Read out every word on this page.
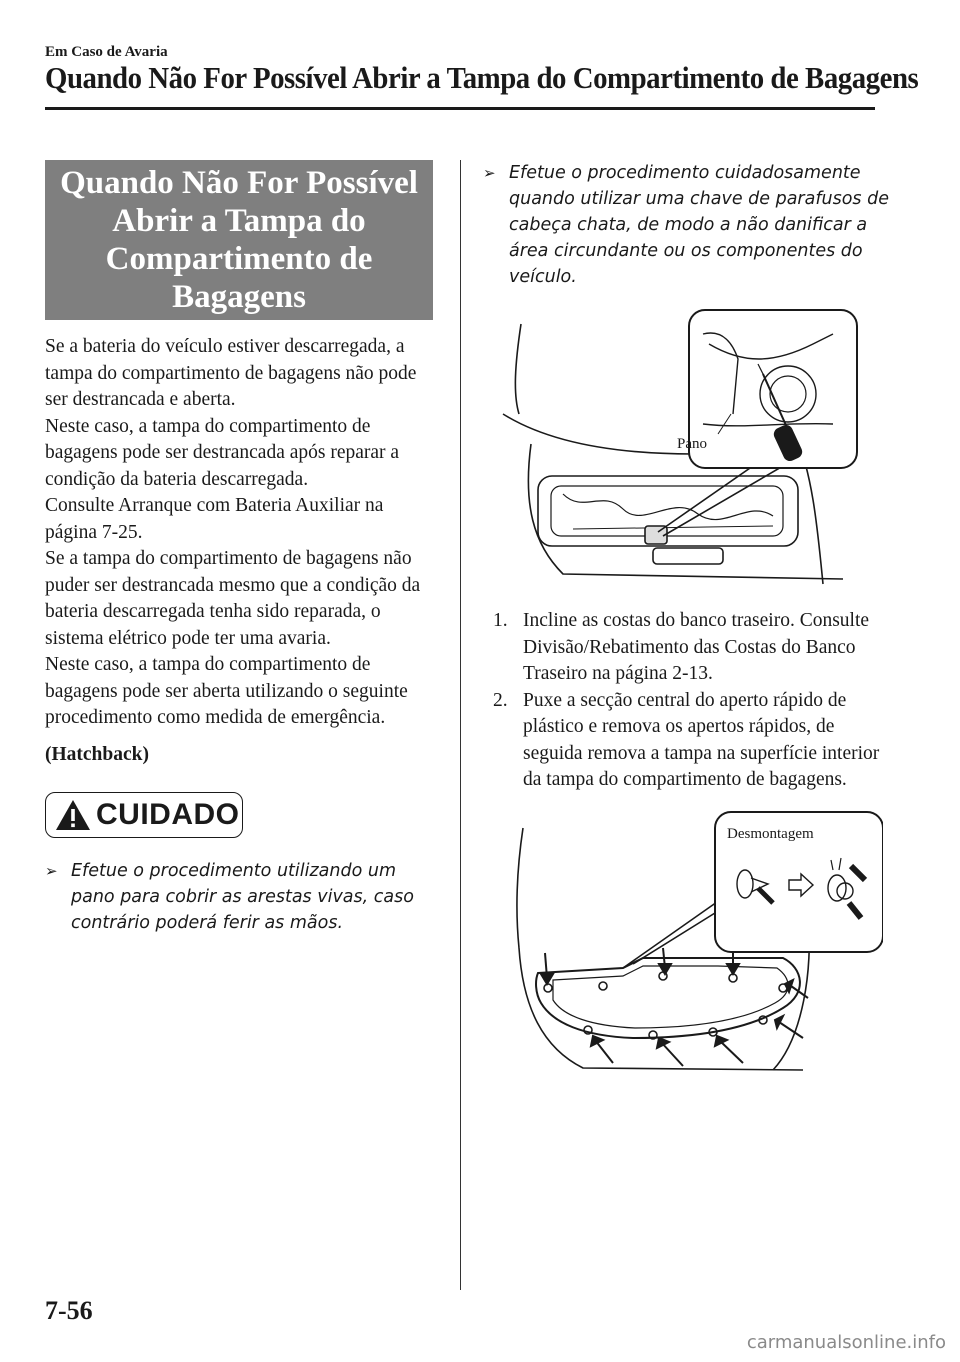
Em Caso de Avaria
Quando Não For Possível Abrir a Tampa do Compartimento de Bagagens
Quando Não For Possível Abrir a Tampa do Compartimento de Bagagens

Se a bateria do veículo estiver descarregada, a tampa do compartimento de bagagens não pode ser destrancada e aberta.

Neste caso, a tampa do compartimento de bagagens pode ser destrancada após reparar a condição da bateria descarregada.

Consulte Arranque com Bateria Auxiliar na página 7-25.

Se a tampa do compartimento de bagagens não puder ser destrancada mesmo que a condição da bateria descarregada tenha sido reparada, o sistema elétrico pode ter uma avaria.

Neste caso, a tampa do compartimento de bagagens pode ser aberta utilizando o seguinte procedimento como medida de emergência.

(Hatchback)
CUIDADO
➢ Efetue o procedimento utilizando um pano para cobrir as arestas vivas, caso contrário poderá ferir as mãos.
➢ Efetue o procedimento cuidadosamente quando utilizar uma chave de parafusos de cabeça chata, de modo a não danificar a área circundante ou os componentes do veículo.
Pano
1. Incline as costas do banco traseiro. Consulte Divisão/Rebatimento das Costas do Banco Traseiro na página 2-13.
2. Puxe a secção central do aperto rápido de plástico e remova os apertos rápidos, de seguida remova a tampa na superfície interior da tampa do compartimento de bagagens.
Desmontagem
7-56
carmanualsonline.info
